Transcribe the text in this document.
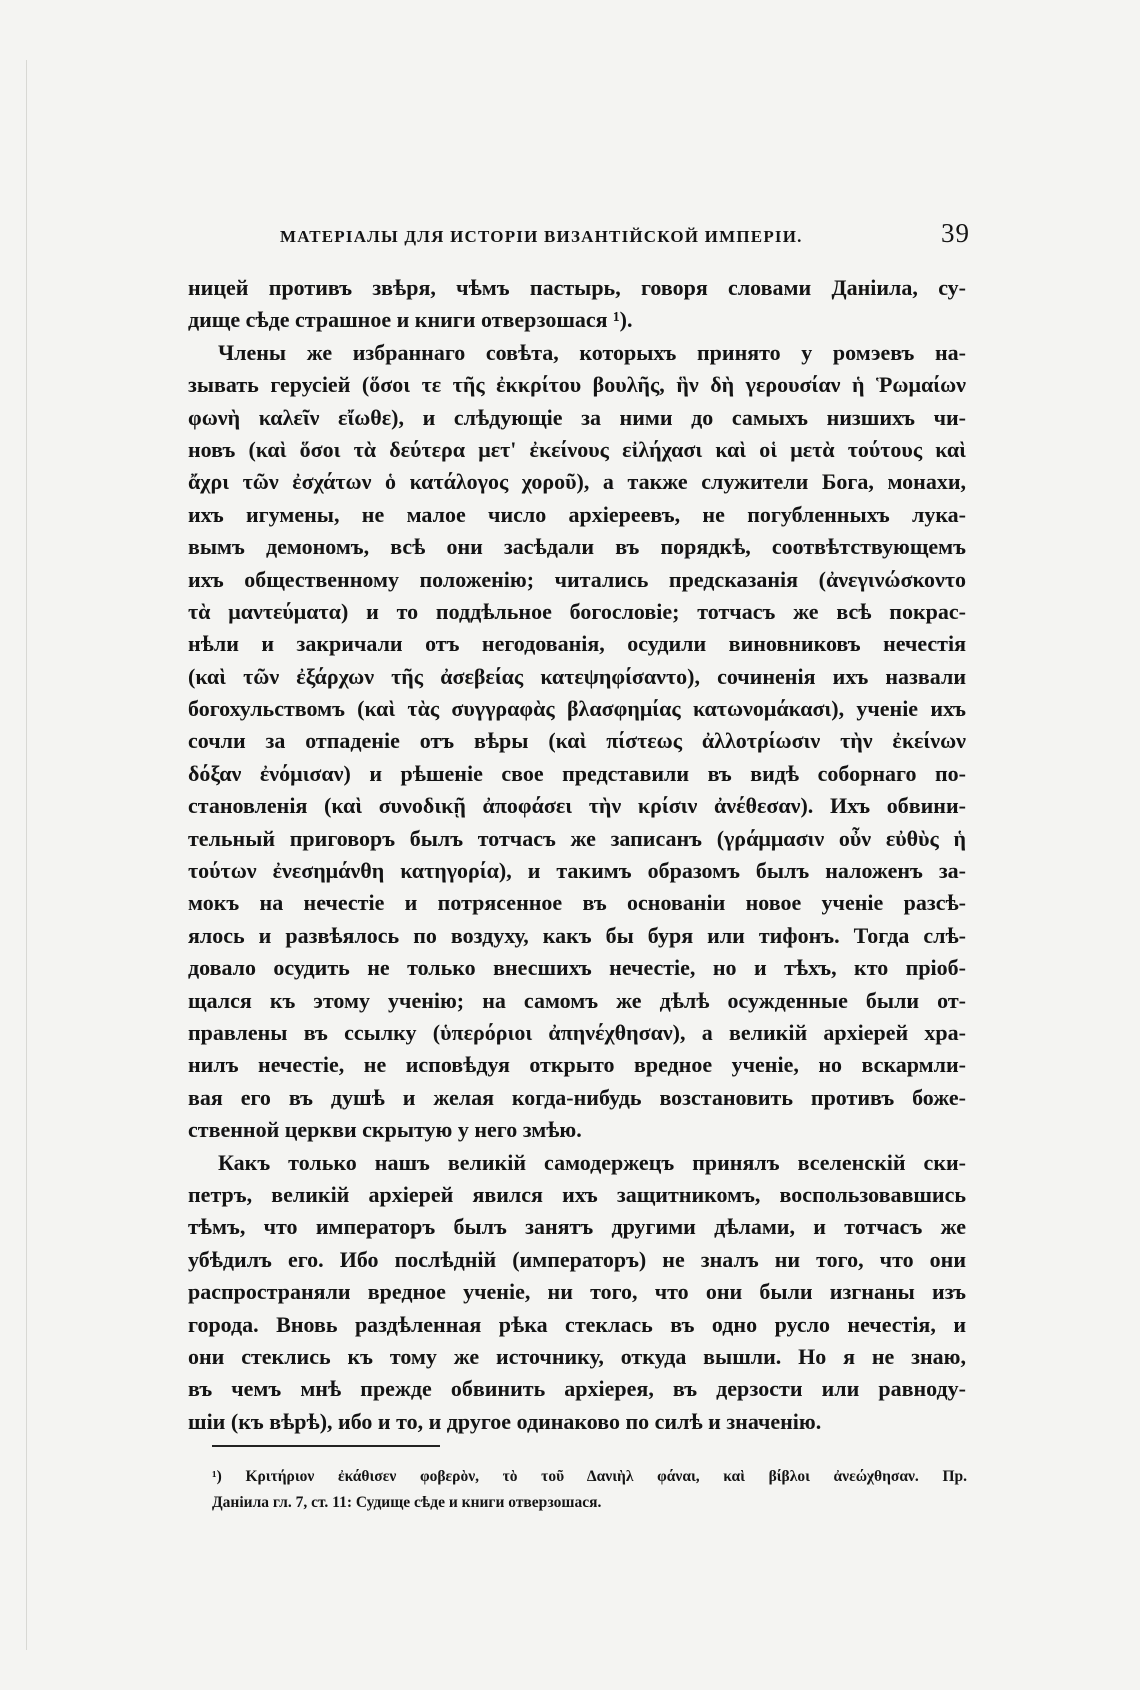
МАТЕРІАЛЫ ДЛЯ ИСТОРІИ ВИЗАНТІЙСКОЙ ИМПЕРІИ.	39
ницей противъ звѣря, чѣмъ пастырь, говоря словами Даніила, су-
дище сѣде страшное и книги отверзошася ¹).
Члены же избраннаго совѣта, которыхъ принято у ромэевъ на-
зывать герусіей (ὅσοι τε τῆς ἐκκρίτου βουλῆς, ἣν δὴ γερουσίαν ἡ Ῥωμαίων
φωνὴ καλεῖν εἴωθε), и слѣдующіе за ними до самыхъ низшихъ чи-
новъ (καὶ ὅσοι τὰ δεύτερα μετ' ἐκείνους εἰλήχασι καὶ οἱ μετὰ τούτους καὶ
ἄχρι τῶν ἐσχάτων ὁ κατάλογος χοροῦ), а также служители Бога, монахи,
ихъ игумены, не малое число архіереевъ, не погубленныхъ лука-
вымъ демономъ, всѣ они засѣдали въ порядкѣ, соотвѣтствующемъ
ихъ общественному положенію; читались предсказанія (ἀνεγινώσκοντο
τὰ μαντεύματα) и то поддѣльное богословіе; тотчасъ же всѣ покрас-
нѣли и закричали отъ негодованія, осудили виновниковъ нечестія
(καὶ τῶν ἐξάρχων τῆς ἀσεβείας κατεψηφίσαντο), сочиненія ихъ назвали
богохульствомъ (καὶ τὰς συγγραφὰς βλασφημίας κατωνομάκασι), ученіе ихъ
сочли за отпаденіе отъ вѣры (καὶ πίστεως ἀλλοτρίωσιν τὴν ἐκείνων
δόξαν ἐνόμισαν) и рѣшеніе свое представили въ видѣ соборнаго по-
становленія (καὶ συνοδικῇ ἀποφάσει τὴν κρίσιν ἀνέθεσαν). Ихъ обвини-
тельный приговоръ былъ тотчасъ же записанъ (γράμμασιν οὖν εὐθὺς ἡ
τούτων ἐνεσημάνθη κατηγορία), и такимъ образомъ былъ наложенъ за-
мокъ на нечестіе и потрясенное въ основаніи новое ученіе разсѣ-
ялось и развѣялось по воздуху, какъ бы буря или тифонъ. Тогда слѣ-
довало осудить не только внесшихъ нечестіе, но и тѣхъ, кто пріоб-
щался къ этому ученію; на самомъ же дѣлѣ осужденные были от-
правлены въ ссылку (ὑπερόριοι ἀπηνέχθησαν), а великій архіерей хра-
нилъ нечестіе, не исповѣдуя открыто вредное ученіе, но вскармли-
вая его въ душѣ и желая когда-нибудь возстановить противъ боже-
ственной церкви скрытую у него змѣю.
Какъ только нашъ великій самодержецъ принялъ вселенскій ски-
петръ, великій архіерей явился ихъ защитникомъ, воспользовавшись
тѣмъ, что императоръ былъ занятъ другими дѣлами, и тотчасъ же
убѣдилъ его. Ибо послѣдній (императоръ) не зналъ ни того, что они
распространяли вредное ученіе, ни того, что они были изгнаны изъ
города. Вновь раздѣленная рѣка стеклась въ одно русло нечестія, и
они стеклись къ тому же источнику, откуда вышли. Но я не знаю,
въ чемъ мнѣ прежде обвинить архіерея, въ дерзости или равноду-
шіи (къ вѣрѣ), ибо и то, и другое одинаково по силѣ и значенію.
¹) Κριτήριον ἐκάθισεν φοβερὸν, τὸ τοῦ Δανιὴλ φάναι, καὶ βίβλοι ἀνεώχθησαν. Пр.
Даніила гл. 7, ст. 11: Судище сѣде и книги отверзошася.
